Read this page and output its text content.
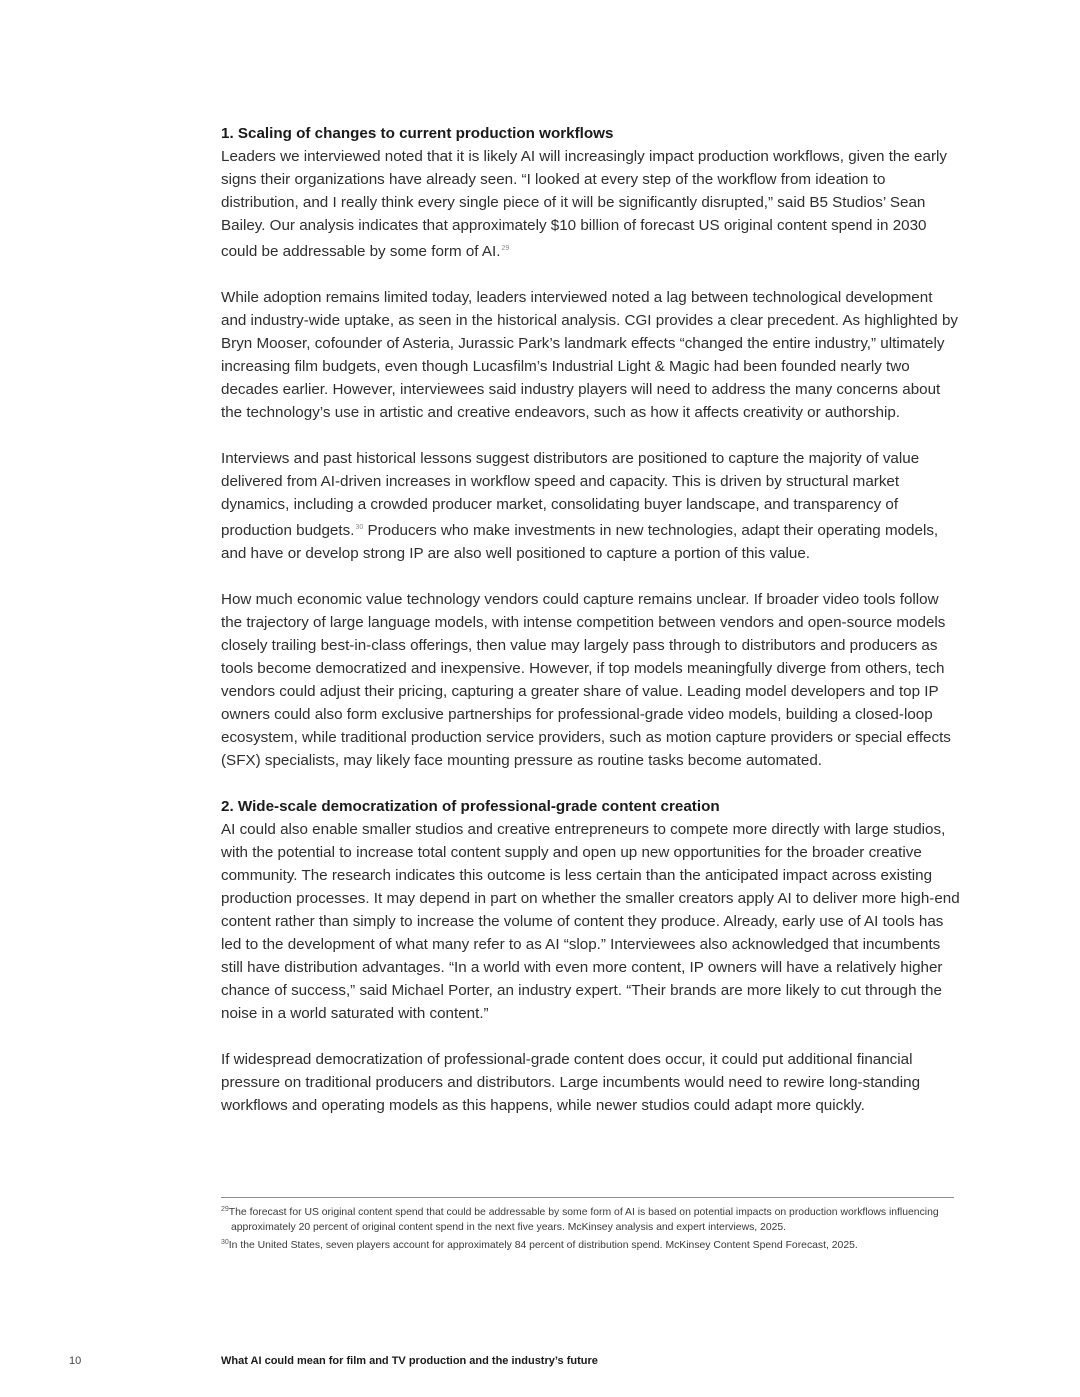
1. Scaling of changes to current production workflows

Leaders we interviewed noted that it is likely AI will increasingly impact production workflows, given the early signs their organizations have already seen. “I looked at every step of the workflow from ideation to distribution, and I really think every single piece of it will be significantly disrupted,” said B5 Studios’ Sean Bailey. Our analysis indicates that approximately $10 billion of forecast US original content spend in 2030 could be addressable by some form of AI.$^{29}$

While adoption remains limited today, leaders interviewed noted a lag between technological development and industry-wide uptake, as seen in the historical analysis. CGI provides a clear precedent. As highlighted by Bryn Mooser, cofounder of Asteria, Jurassic Park’s landmark effects “changed the entire industry,” ultimately increasing film budgets, even though Lucasfilm’s Industrial Light & Magic had been founded nearly two decades earlier. However, interviewees said industry players will need to address the many concerns about the technology’s use in artistic and creative endeavors, such as how it affects creativity or authorship.

Interviews and past historical lessons suggest distributors are positioned to capture the majority of value delivered from AI-driven increases in workflow speed and capacity. This is driven by structural market dynamics, including a crowded producer market, consolidating buyer landscape, and transparency of production budgets.$^{30}$ Producers who make investments in new technologies, adapt their operating models, and have or develop strong IP are also well positioned to capture a portion of this value.

How much economic value technology vendors could capture remains unclear. If broader video tools follow the trajectory of large language models, with intense competition between vendors and open-source models closely trailing best-in-class offerings, then value may largely pass through to distributors and producers as tools become democratized and inexpensive. However, if top models meaningfully diverge from others, tech vendors could adjust their pricing, capturing a greater share of value. Leading model developers and top IP owners could also form exclusive partnerships for professional-grade video models, building a closed-loop ecosystem, while traditional production service providers, such as motion capture providers or special effects (SFX) specialists, may likely face mounting pressure as routine tasks become automated.

2. Wide-scale democratization of professional-grade content creation

AI could also enable smaller studios and creative entrepreneurs to compete more directly with large studios, with the potential to increase total content supply and open up new opportunities for the broader creative community. The research indicates this outcome is less certain than the anticipated impact across existing production processes. It may depend in part on whether the smaller creators apply AI to deliver more high-end content rather than simply to increase the volume of content they produce. Already, early use of AI tools has led to the development of what many refer to as AI “slop.” Interviewees also acknowledged that incumbents still have distribution advantages. “In a world with even more content, IP owners will have a relatively higher chance of success,” said Michael Porter, an industry expert. “Their brands are more likely to cut through the noise in a world saturated with content.”

If widespread democratization of professional-grade content does occur, it could put additional financial pressure on traditional producers and distributors. Large incumbents would need to rewire long-standing workflows and operating models as this happens, while newer studios could adapt more quickly.

$^{29}$The forecast for US original content spend that could be addressable by some form of AI is based on potential impacts on production workflows influencing approximately 20 percent of original content spend in the next five years. McKinsey analysis and expert interviews, 2025.

$^{30}$In the United States, seven players account for approximately 84 percent of distribution spend. McKinsey Content Spend Forecast, 2025.

10	What AI could mean for film and TV production and the industry’s future
